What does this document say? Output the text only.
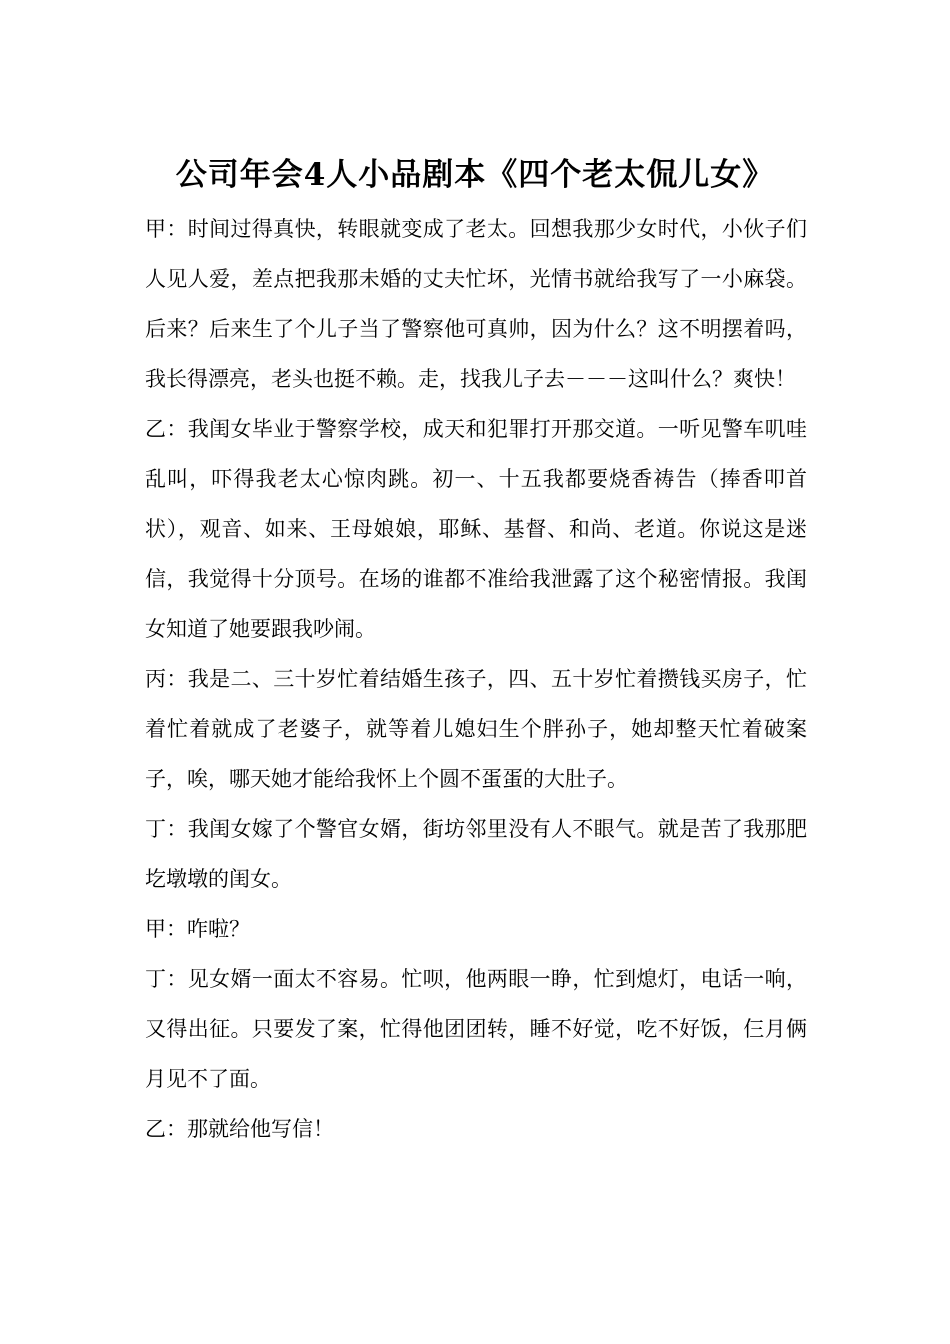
公司年会4人小品剧本《四个老太侃儿女》

甲：时间过得真快，转眼就变成了老太。回想我那少女时代，小伙子们人见人爱，差点把我那未婚的丈夫忙坏，光情书就给我写了一小麻袋。后来？后来生了个儿子当了警察他可真帅，因为什么？这不明摆着吗，我长得漂亮，老头也挺不赖。走，找我儿子去－－－这叫什么？爽快！

乙：我闺女毕业于警察学校，成天和犯罪打开那交道。一听见警车叽哇乱叫，吓得我老太心惊肉跳。初一、十五我都要烧香祷告（捧香叩首状），观音、如来、王母娘娘，耶稣、基督、和尚、老道。你说这是迷信，我觉得十分顶号。在场的谁都不准给我泄露了这个秘密情报。我闺女知道了她要跟我吵闹。

丙：我是二、三十岁忙着结婚生孩子，四、五十岁忙着攒钱买房子，忙着忙着就成了老婆子，就等着儿媳妇生个胖孙子，她却整天忙着破案子，唉，哪天她才能给我怀上个圆不蛋蛋的大肚子。

丁：我闺女嫁了个警官女婿，街坊邻里没有人不眼气。就是苦了我那肥圪墩墩的闺女。

甲：咋啦？

丁：见女婿一面太不容易。忙呗，他两眼一睁，忙到熄灯，电话一响，又得出征。只要发了案，忙得他团团转，睡不好觉，吃不好饭，仨月俩月见不了面。

乙：那就给他写信！
